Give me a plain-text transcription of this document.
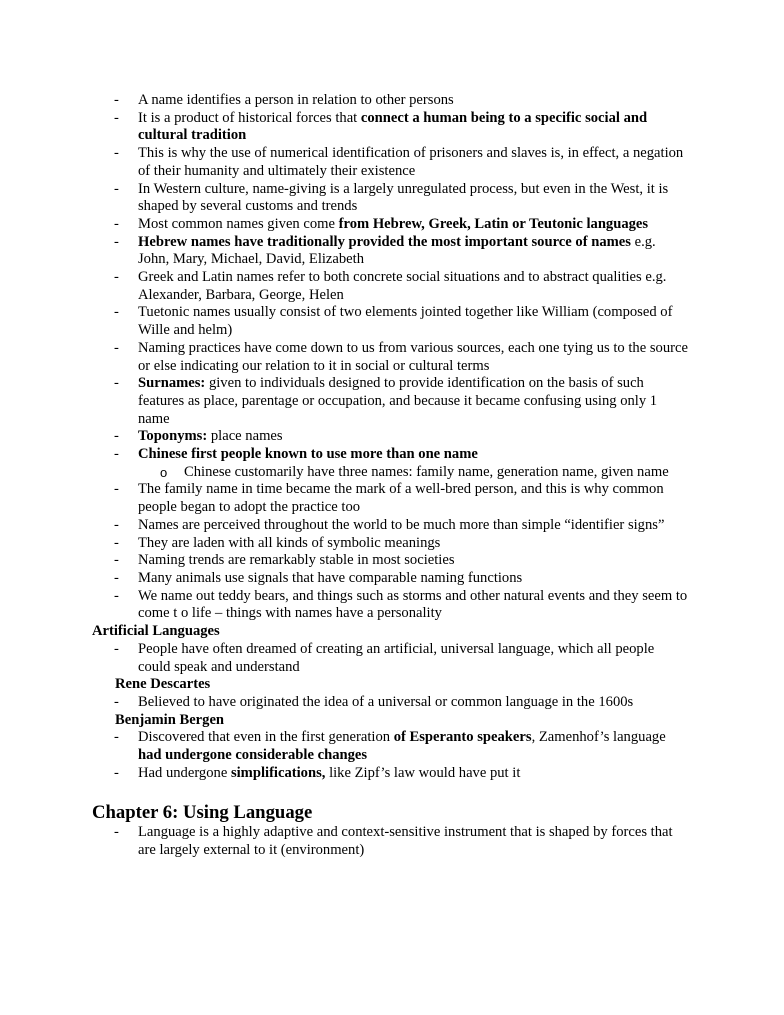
- A name identifies a person in relation to other persons
- It is a product of historical forces that connect a human being to a specific social and cultural tradition
- This is why the use of numerical identification of prisoners and slaves is, in effect, a negation of their humanity and ultimately their existence
- In Western culture, name-giving is a largely unregulated process, but even in the West, it is shaped by several customs and trends
- Most common names given come from Hebrew, Greek, Latin or Teutonic languages
- Hebrew names have traditionally provided the most important source of names e.g. John, Mary, Michael, David, Elizabeth
- Greek and Latin names refer to both concrete social situations and to abstract qualities e.g. Alexander, Barbara, George, Helen
- Tuetonic names usually consist of two elements jointed together like William (composed of Wille and helm)
- Naming practices have come down to us from various sources, each one tying us to the source or else indicating our relation to it in social or cultural terms
- Surnames: given to individuals designed to provide identification on the basis of such features as place, parentage or occupation, and because it became confusing using only 1 name
- Toponyms: place names
- Chinese first people known to use more than one name
o Chinese customarily have three names: family name, generation name, given name
- The family name in time became the mark of a well-bred person, and this is why common people began to adopt the practice too
- Names are perceived throughout the world to be much more than simple “identifier signs”
- They are laden with all kinds of symbolic meanings
- Naming trends are remarkably stable in most societies
- Many animals use signals that have comparable naming functions
- We name out teddy bears, and things such as storms and other natural events and they seem to come t o life – things with names have a personality
Artificial Languages
- People have often dreamed of creating an artificial, universal language, which all people could speak and understand
Rene Descartes
- Believed to have originated the idea of a universal or common language in the 1600s
Benjamin Bergen
- Discovered that even in the first generation of Esperanto speakers, Zamenhof’s language had undergone considerable changes
- Had undergone simplifications, like Zipf’s law would have put it
Chapter 6: Using Language
- Language is a highly adaptive and context-sensitive instrument that is shaped by forces that are largely external to it (environment)
